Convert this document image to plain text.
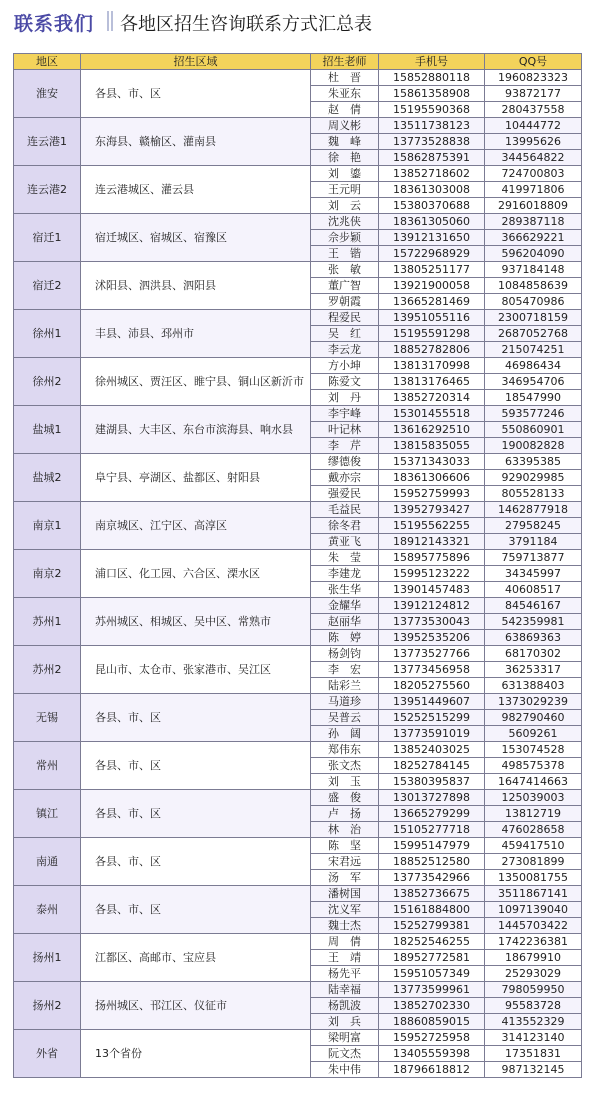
联系我们 各地区招生咨询联系方式汇总表
地区	招生区域	招生老师	手机号	QQ号
淮安	各县、市、区	杜　晋	15852880118	1960823323
		朱亚东	15861358908	93872177
		赵　倩	15195590368	280437558
连云港1	东海县、赣榆区、灌南县	周义彬	13511738123	10444772
		魏　峰	13773528838	13995626
		徐　艳	15862875391	344564822
连云港2	连云港城区、灌云县	刘　鎏	13852718602	724700803
		王元明	18361303008	419971806
		刘　云	15380370688	2916018809
宿迁1	宿迁城区、宿城区、宿豫区	沈兆侠	18361305060	289387118
		佘步颖	13912131650	366629221
		王　锴	15722968929	596204090
宿迁2	沭阳县、泗洪县、泗阳县	张　敏	13805251177	937184148
		董广智	13921900058	1084858639
		罗朝霞	13665281469	805470986
徐州1	丰县、沛县、邳州市	程爱民	13951055116	2300718159
		吴　红	15195591298	2687052768
		李云龙	18852782806	215074251
徐州2	徐州城区、贾汪区、睢宁县、铜山区新沂市	方小坤	13813170998	46986434
		陈爱文	13813176465	346954706
		刘　丹	13852720314	18547990
盐城1	建湖县、大丰区、东台市滨海县、响水县	李宇峰	15301455518	593577246
		叶记林	13616292510	550860901
		李　芹	13815835055	190082828
盐城2	阜宁县、亭湖区、盐都区、射阳县	缪德俊	15371343033	63395385
		戴亦宗	18361306606	929029985
		强爱民	15952759993	805528133
南京1	南京城区、江宁区、高淳区	毛益民	13952793427	1462877918
		徐冬君	15195562255	27958245
		黄亚飞	18912143321	3791184
南京2	浦口区、化工园、六合区、溧水区	朱　莹	15895775896	759713877
		李建龙	15995123222	34345997
		张生华	13901457483	40608517
苏州1	苏州城区、相城区、吴中区、常熟市	金耀华	13912124812	84546167
		赵丽华	13773530043	542359981
		陈　婷	13952535206	63869363
苏州2	昆山市、太仓市、张家港市、吴江区	杨剑钧	13773527766	68170302
		李　宏	13773456958	36253317
		陆彩兰	18205275560	631388403
无锡	各县、市、区	马道珍	13951449607	1373029239
		吴普云	15252515299	982790460
		孙　阔	13773591019	5609261
常州	各县、市、区	郑伟东	13852403025	153074528
		张文杰	18252784145	498575378
		刘　玉	15380395837	1647414663
镇江	各县、市、区	盛　俊	13013727898	125039003
		卢　扬	13665279299	13812719
		林　治	15105277718	476028658
南通	各县、市、区	陈　坚	15995147979	459417510
		宋君远	18852512580	273081899
		汤　军	13773542966	1350081755
泰州	各县、市、区	潘树国	13852736675	3511867141
		沈义军	15161884800	1097139040
		魏士杰	15252799381	1445703422
扬州1	江都区、高邮市、宝应县	周　倩	18252546255	1742236381
		王　靖	18952772581	18679910
		杨先平	15951057349	25293029
扬州2	扬州城区、邗江区、仪征市	陆幸福	13773599961	798059950
		杨凯波	13852702330	95583728
		刘　兵	18860859015	413552329
外省	13个省份	梁明富	15952725958	314123140
		阮文杰	13405559398	17351831
		朱中伟	18796618812	987132145
